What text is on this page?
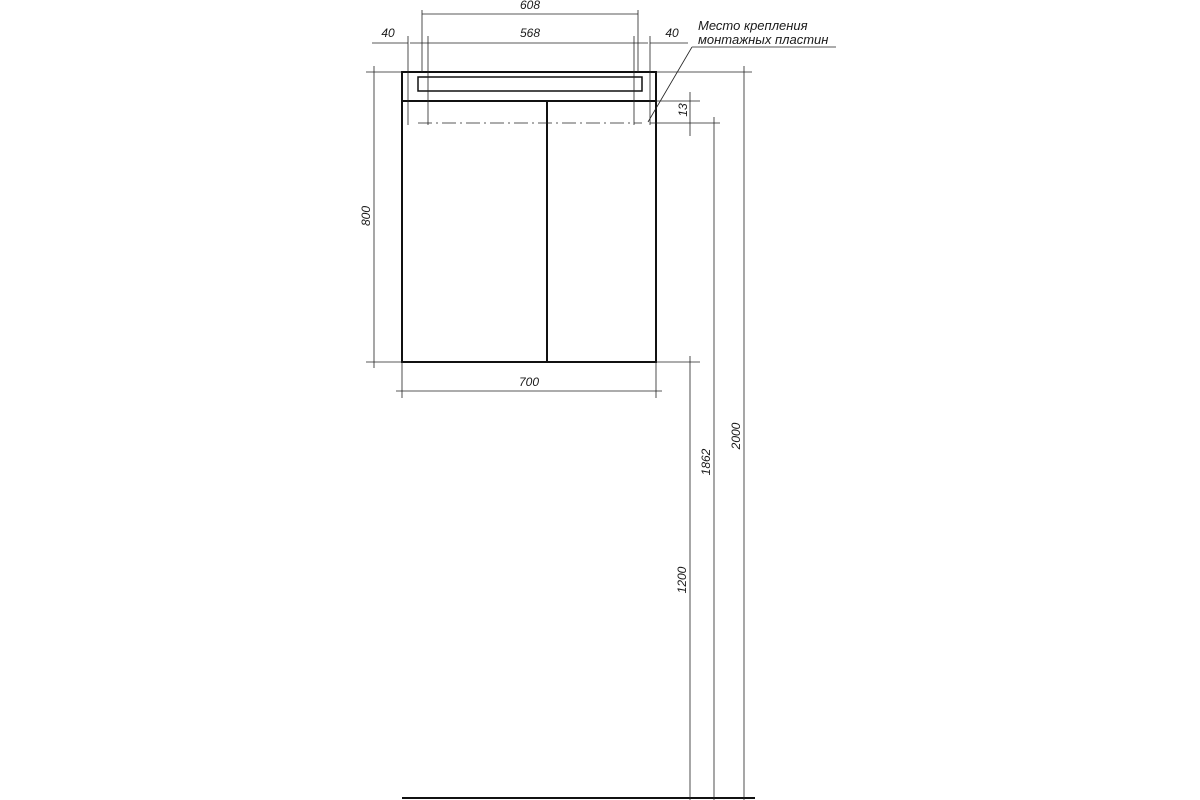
608
568
40	40 Место крепления
монтажных пластин
13
800
700
1200
1862
2000
